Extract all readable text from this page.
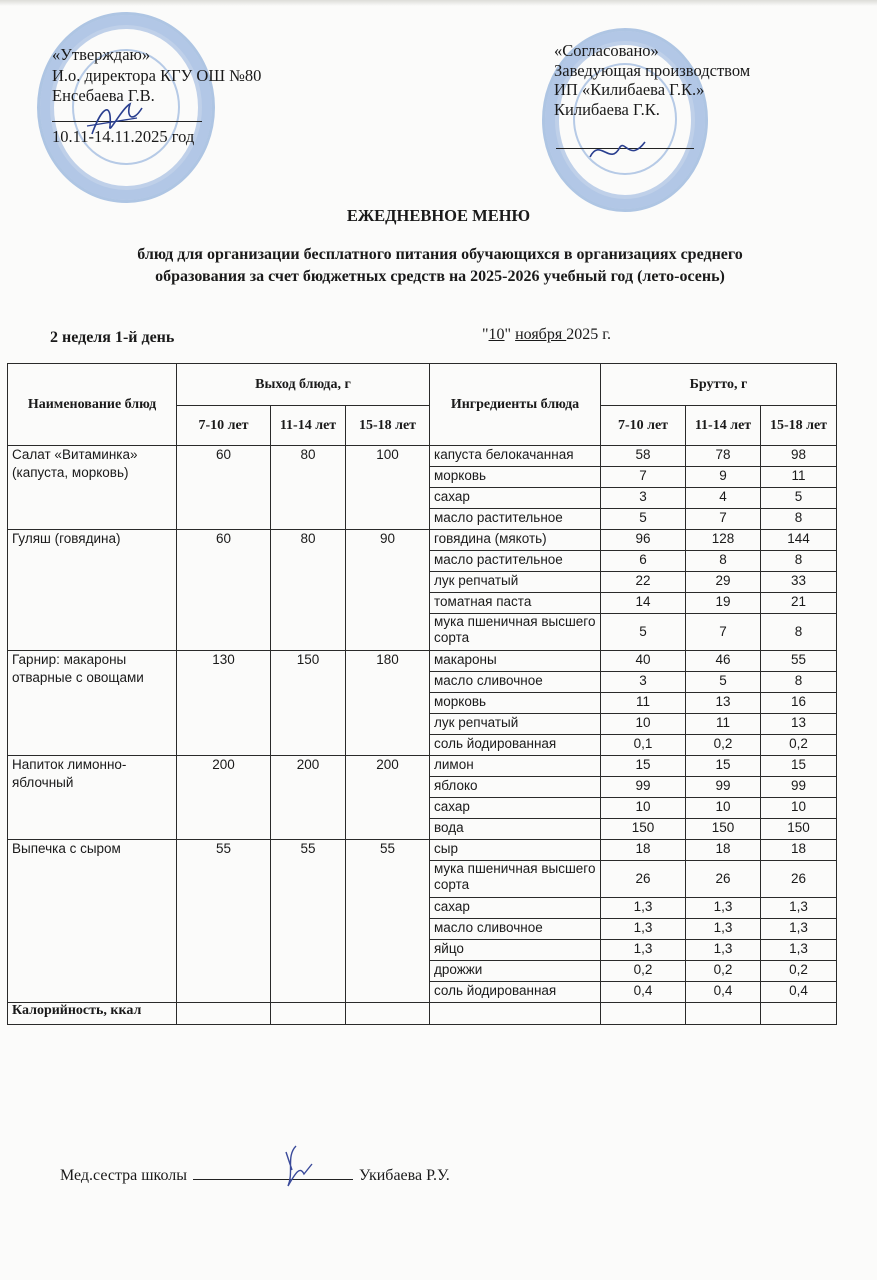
«Утверждаю»
И.о. директора КГУ ОШ №80
Енсебаева Г.В.
10.11-14.11.2025 год
«Согласовано»
Заведующая производством
ИП «Килибаева Г.К.»
Килибаева Г.К.
ЕЖЕДНЕВНОЕ МЕНЮ
блюд для организации бесплатного питания обучающихся в организациях среднего
образования за счет бюджетных средств на 2025-2026 учебный год (лето-осень)
2 неделя 1-й день	"10" ноября 2025 г.
Наименование блюд	Выход блюда, г			Ингредиенты блюда	Брутто, г		
	7-10 лет	11-14 лет	15-18 лет		7-10 лет	11-14 лет	15-18 лет
Салат «Витаминка» (капуста, морковь)	60	80	100	капуста белокачанная	58	78	98
				морковь	7	9	11
				сахар	3	4	5
				масло растительное	5	7	8
Гуляш (говядина)	60	80	90	говядина (мякоть)	96	128	144
				масло растительное	6	8	8
				лук репчатый	22	29	33
				томатная паста	14	19	21
				мука пшеничная высшего сорта	5	7	8
Гарнир: макароны отварные с овощами	130	150	180	макароны	40	46	55
				масло сливочное	3	5	8
				морковь	11	13	16
				лук репчатый	10	11	13
				соль йодированная	0,1	0,2	0,2
Напиток лимонно-яблочный	200	200	200	лимон	15	15	15
				яблоко	99	99	99
				сахар	10	10	10
				вода	150	150	150
Выпечка с сыром	55	55	55	сыр	18	18	18
				мука пшеничная высшего сорта	26	26	26
				сахар	1,3	1,3	1,3
				масло сливочное	1,3	1,3	1,3
				яйцо	1,3	1,3	1,3
				дрожжи	0,2	0,2	0,2
				соль йодированная	0,4	0,4	0,4
Калорийность, ккал							
Мед.сестра школы	Укибаева Р.У.
